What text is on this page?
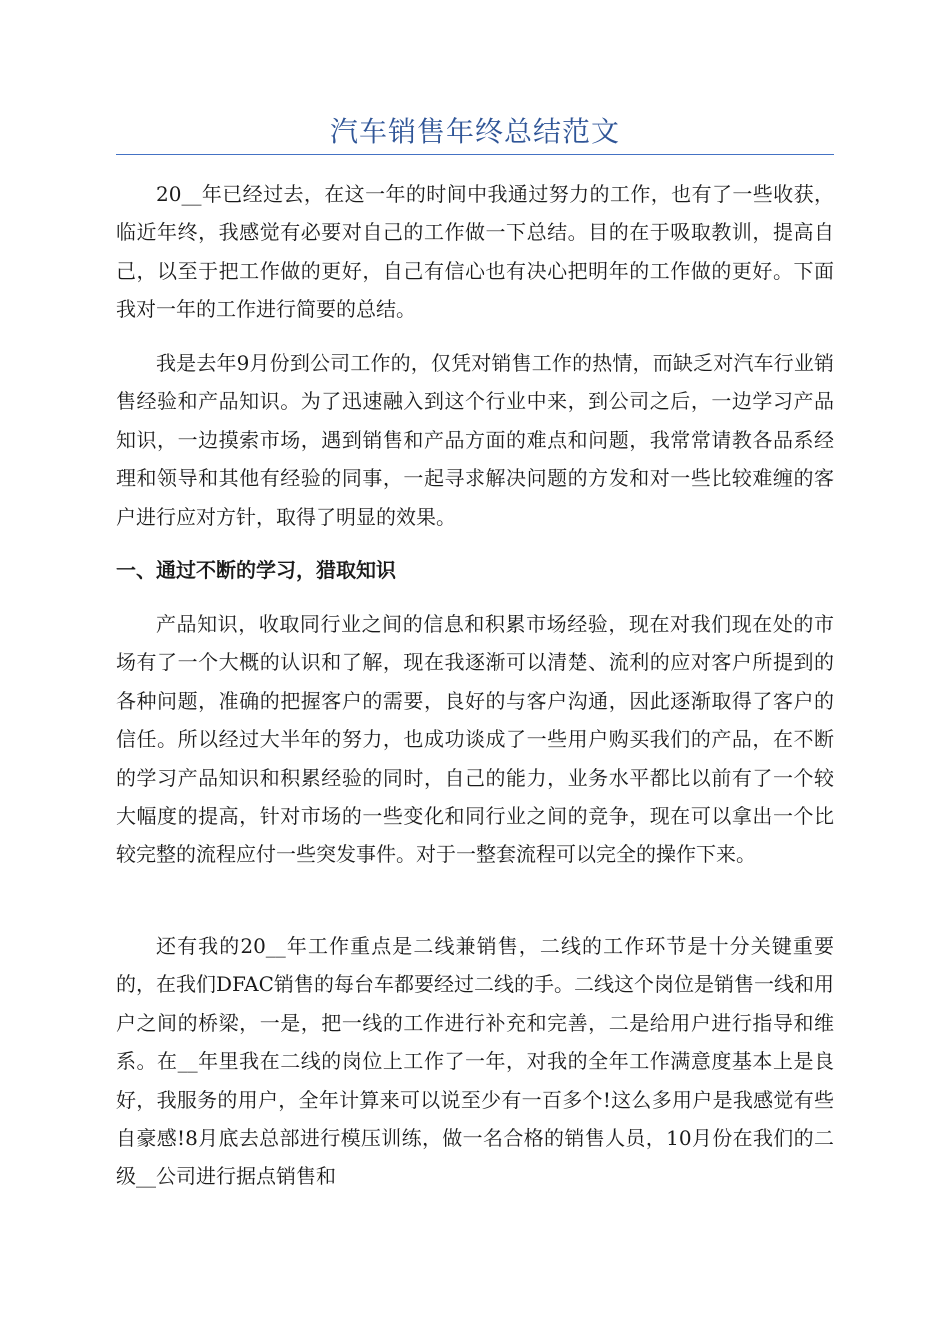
汽车销售年终总结范文

20__年已经过去，在这一年的时间中我通过努力的工作，也有了一些收获，临近年终，我感觉有必要对自己的工作做一下总结。目的在于吸取教训，提高自己，以至于把工作做的更好，自己有信心也有决心把明年的工作做的更好。下面我对一年的工作进行简要的总结。

我是去年9月份到公司工作的，仅凭对销售工作的热情，而缺乏对汽车行业销售经验和产品知识。为了迅速融入到这个行业中来，到公司之后，一边学习产品知识，一边摸索市场，遇到销售和产品方面的难点和问题，我常常请教各品系经理和领导和其他有经验的同事，一起寻求解决问题的方发和对一些比较难缠的客户进行应对方针，取得了明显的效果。

一、通过不断的学习，猎取知识

产品知识，收取同行业之间的信息和积累市场经验，现在对我们现在处的市场有了一个大概的认识和了解，现在我逐渐可以清楚、流利的应对客户所提到的各种问题，准确的把握客户的需要，良好的与客户沟通，因此逐渐取得了客户的信任。所以经过大半年的努力，也成功谈成了一些用户购买我们的产品，在不断的学习产品知识和积累经验的同时，自己的能力，业务水平都比以前有了一个较大幅度的提高，针对市场的一些变化和同行业之间的竞争，现在可以拿出一个比较完整的流程应付一些突发事件。对于一整套流程可以完全的操作下来。

还有我的20__年工作重点是二线兼销售，二线的工作环节是十分关键重要的，在我们DFAC销售的每台车都要经过二线的手。二线这个岗位是销售一线和用户之间的桥梁，一是，把一线的工作进行补充和完善，二是给用户进行指导和维系。在__年里我在二线的岗位上工作了一年，对我的全年工作满意度基本上是良好，我服务的用户，全年计算来可以说至少有一百多个!这么多用户是我感觉有些自豪感!8月底去总部进行模压训练，做一名合格的销售人员，10月份在我们的二级__公司进行据点销售和
